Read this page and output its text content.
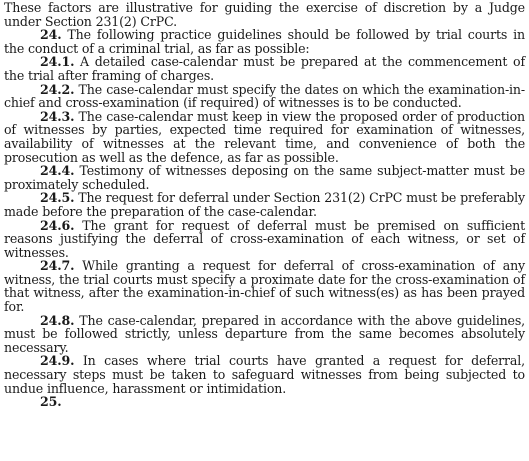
These factors are illustrative for guiding the exercise of discretion by a Judge under Section 231(2) CrPC.

24. The following practice guidelines should be followed by trial courts in the conduct of a criminal trial, as far as possible:

24.1. A detailed case-calendar must be prepared at the commencement of the trial after framing of charges.

24.2. The case-calendar must specify the dates on which the examination-in-chief and cross-examination (if required) of witnesses is to be conducted.

24.3. The case-calendar must keep in view the proposed order of production of witnesses by parties, expected time required for examination of witnesses, availability of witnesses at the relevant time, and convenience of both the prosecution as well as the defence, as far as possible.

24.4. Testimony of witnesses deposing on the same subject-matter must be proximately scheduled.

24.5. The request for deferral under Section 231(2) CrPC must be preferably made before the preparation of the case-calendar.

24.6. The grant for request of deferral must be premised on sufficient reasons justifying the deferral of cross-examination of each witness, or set of witnesses.

24.7. While granting a request for deferral of cross-examination of any witness, the trial courts must specify a proximate date for the cross-examination of that witness, after the examination-in-chief of such witness(es) as has been prayed for.

24.8. The case-calendar, prepared in accordance with the above guidelines, must be followed strictly, unless departure from the same becomes absolutely necessary.

24.9. In cases where trial courts have granted a request for deferral, necessary steps must be taken to safeguard witnesses from being subjected to undue influence, harassment or intimidation.

25.
